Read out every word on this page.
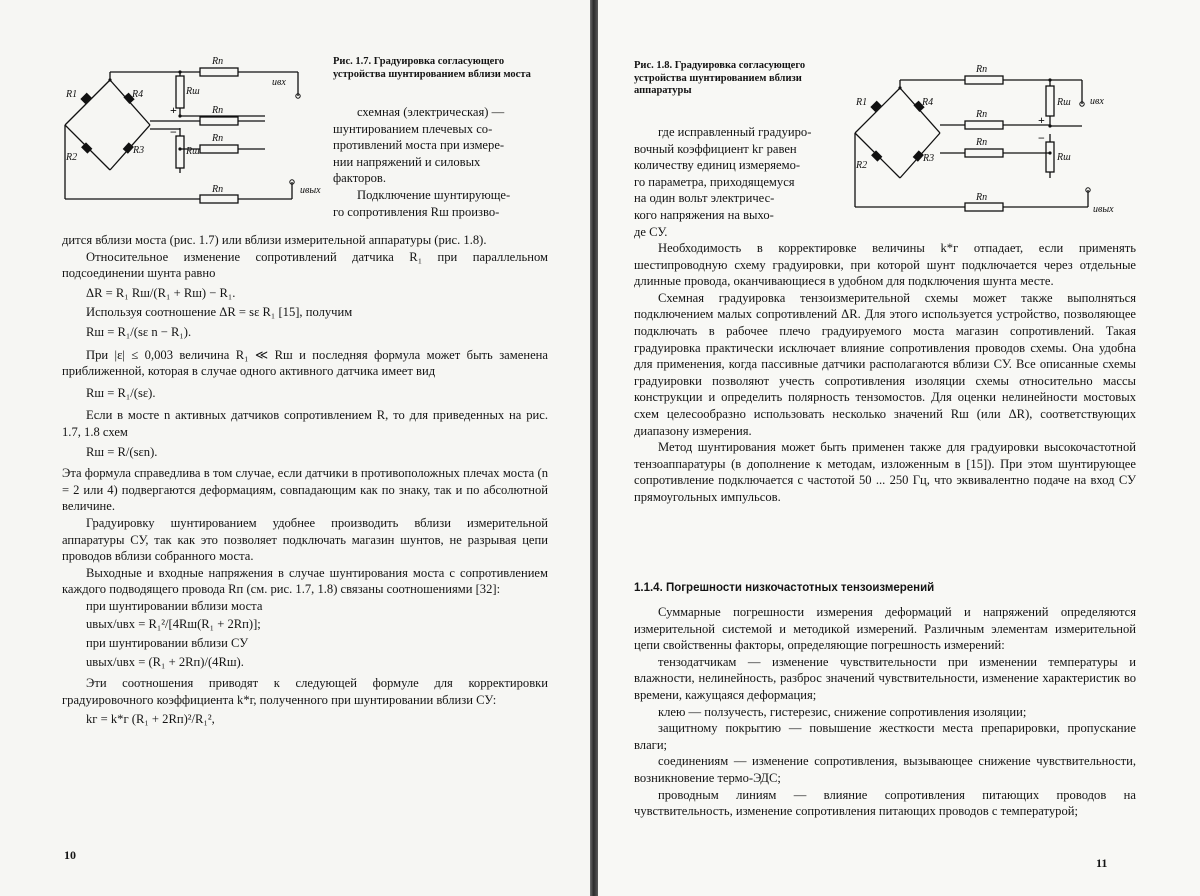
R1
R2
R3
R4
Rп
Rп
Rп
Rп
Rш
Rш
uвх
uвых
+
−
Рис. 1.7. Градуировка согласующего устройства шунтированием вблизи моста

схемная (электрическая) —

шунтированием плечевых со-

противлений моста при измере-

нии напряжений и силовых

факторов.

Подключение шунтирующе-

го сопротивления Rш произво-

дится вблизи моста (рис. 1.7) или вблизи измерительной аппаратуры (рис. 1.8).

Относительное изменение сопротивлений датчика R₁ при параллельном подсоединении шунта равно

ΔR = R₁ Rш/(R₁ + Rш) − R₁.

Используя соотношение ΔR = sε R₁ [15], получим

Rш = R₁/(sε n − R₁).

При |ε| ≤ 0,003 величина R₁ ≪ Rш и последняя формула может быть заменена приближенной, которая в случае одного активного датчика имеет вид

Rш = R₁/(sε).

Если в мосте n активных датчиков сопротивлением R, то для приведенных на рис. 1.7, 1.8 схем

Rш = R/(sεn).

Эта формула справедлива в том случае, если датчики в противоположных плечах моста (n = 2 или 4) подвергаются деформациям, совпадающим как по знаку, так и по абсолютной величине.

Градуировку шунтированием удобнее производить вблизи измерительной аппаратуры СУ, так как это позволяет подключать магазин шунтов, не разрывая цепи проводов вблизи собранного моста.

Выходные и входные напряжения в случае шунтирования моста с сопротивлением каждого подводящего провода Rп (см. рис. 1.7, 1.8) связаны соотношениями [32]:

при шунтировании вблизи моста

uвых/uвх = R₁²/[4Rш(R₁ + 2Rп)];

при шунтировании вблизи СУ

uвых/uвх = (R₁ + 2Rп)/(4Rш).

Эти соотношения приводят к следующей формуле для корректировки градуировочного коэффициента k*г, полученного при шунтировании вблизи СУ:

kг = k*г (R₁ + 2Rп)²/R₁²,

10
Рис. 1.8. Градуировка согласующего устройства шунтированием вблизи аппаратуры

где исправленный градуиро-

вочный коэффициент kг равен

количеству единиц измеряемо-

го параметра, приходящемуся

на один вольт электричес-

кого напряжения на выхо-

де СУ.

R1
R2
R3
R4
Rп
Rп
Rп
Rп
Rш
Rш
uвх
uвых
+
−

Необходимость в корректировке величины k*г отпадает, если применять шестипроводную схему градуировки, при которой шунт подключается через отдельные длинные провода, оканчивающиеся в удобном для подключения шунта месте.

Схемная градуировка тензоизмерительной схемы может также выполняться подключением малых сопротивлений ΔR. Для этого используется устройство, позволяющее подключать в рабочее плечо градуируемого моста магазин сопротивлений. Такая градуировка практически исключает влияние сопротивления проводов схемы. Она удобна для применения, когда пассивные датчики располагаются вблизи СУ. Все описанные схемы градуировки позволяют учесть сопротивления изоляции схемы относительно массы конструкции и определить полярность тензомостов. Для оценки нелинейности мостовых схем целесообразно использовать несколько значений Rш (или ΔR), соответствующих диапазону измерения.

Метод шунтирования может быть применен также для градуировки высокочастотной тензоаппаратуры (в дополнение к методам, изложенным в [15]). При этом шунтирующее сопротивление подключается с частотой 50 ... 250 Гц, что эквивалентно подаче на вход СУ прямоугольных импульсов.

1.1.4. Погрешности низкочастотных тензоизмерений

Суммарные погрешности измерения деформаций и напряжений определяются измерительной системой и методикой измерений. Различным элементам измерительной цепи свойственны факторы, определяющие погрешность измерений:

тензодатчикам — изменение чувствительности при изменении температуры и влажности, нелинейность, разброс значений чувствительности, изменение характеристик во времени, кажущаяся деформация;

клею — ползучесть, гистерезис, снижение сопротивления изоляции;

защитному покрытию — повышение жесткости места препарировки, пропускание влаги;

соединениям — изменение сопротивления, вызывающее снижение чувствительности, возникновение термо-ЭДС;

проводным линиям — влияние сопротивления питающих проводов на чувствительность, изменение сопротивления питающих проводов с температурой;

11
